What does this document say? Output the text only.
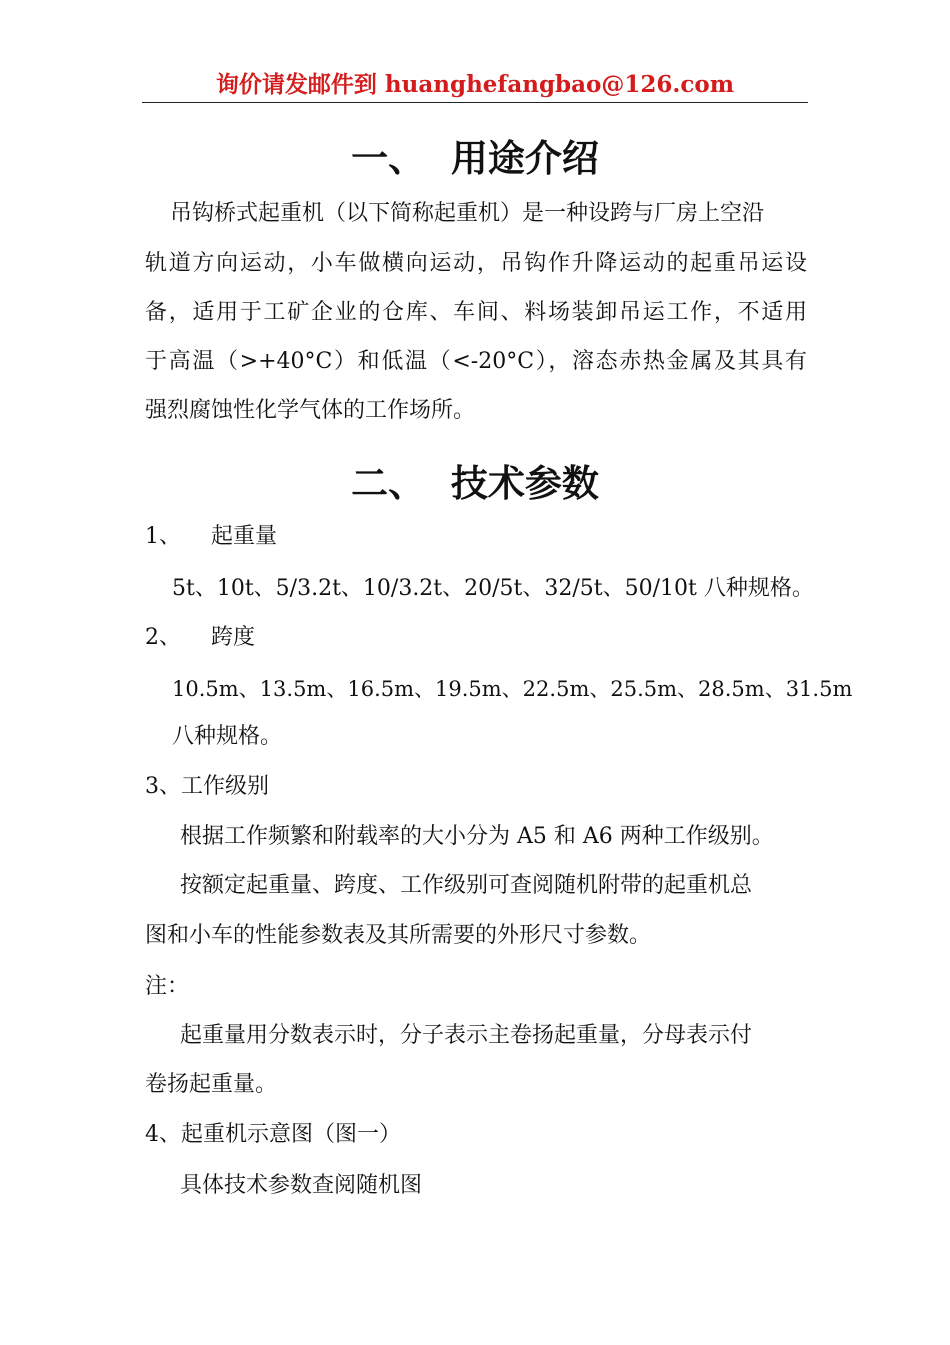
询价请发邮件到 huanghefangbao@126.com
一、  用途介绍
吊钩桥式起重机（以下简称起重机）是一种设跨与厂房上空沿
轨道方向运动，小车做横向运动，吊钩作升降运动的起重吊运设
备，适用于工矿企业的仓库、车间、料场装卸吊运工作，不适用
于高温（>+40°C）和低温（<-20°C），溶态赤热金属及其具有
强烈腐蚀性化学气体的工作场所。
二、  技术参数
1、 起重量
5t、10t、5/3.2t、10/3.2t、20/5t、32/5t、50/10t 八种规格。
2、 跨度
10.5m、13.5m、16.5m、19.5m、22.5m、25.5m、28.5m、31.5m
八种规格。
3、工作级别
根据工作频繁和附载率的大小分为 A5 和 A6 两种工作级别。
按额定起重量、跨度、工作级别可查阅随机附带的起重机总
图和小车的性能参数表及其所需要的外形尺寸参数。
注：
起重量用分数表示时，分子表示主卷扬起重量，分母表示付
卷扬起重量。
4、起重机示意图（图一）
具体技术参数查阅随机图
